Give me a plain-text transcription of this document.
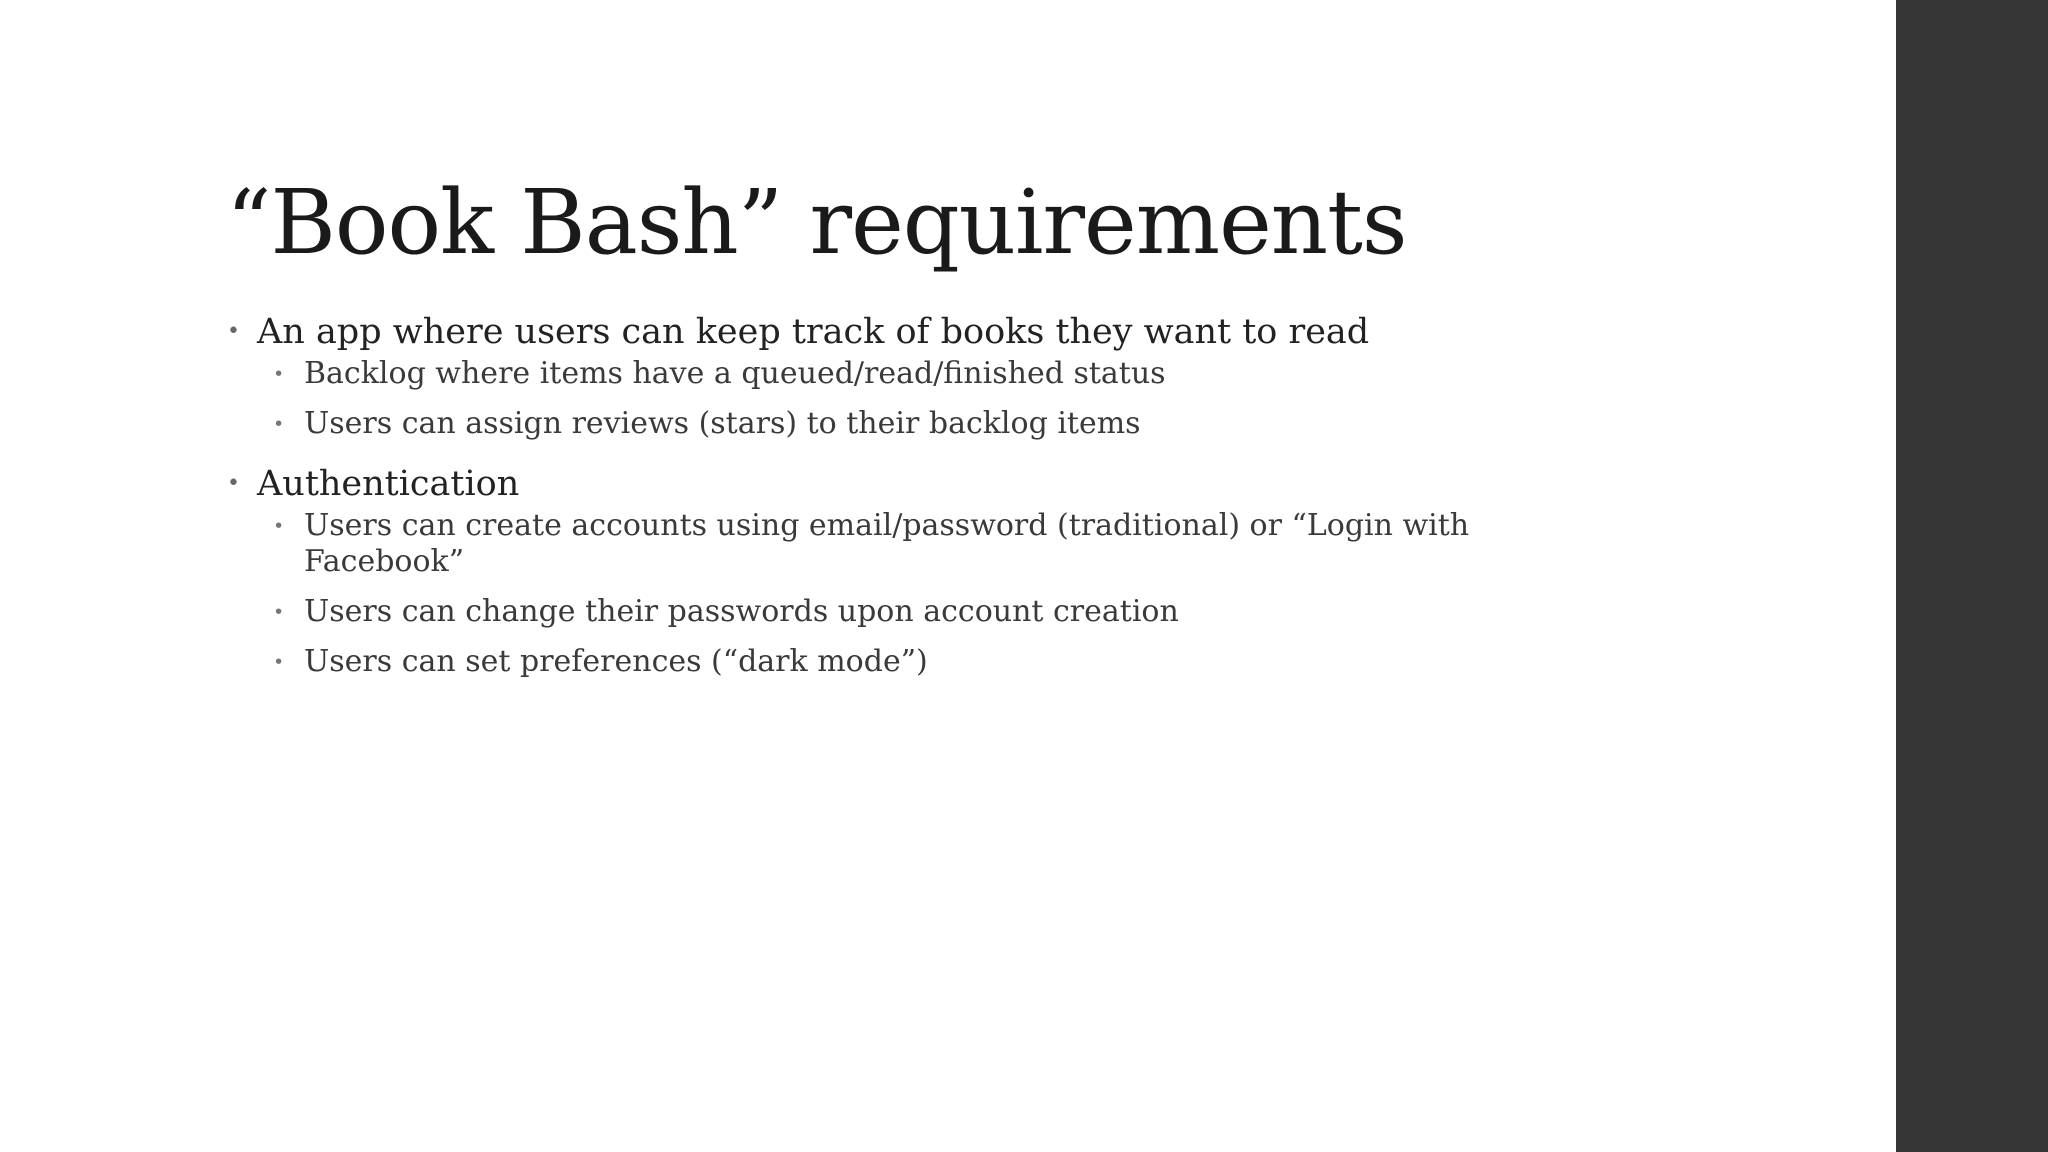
“Book Bash” requirements
• An app where users can keep track of books they want to read
• Backlog where items have a queued/read/finished status
• Users can assign reviews (stars) to their backlog items
• Authentication
• Users can create accounts using email/password (traditional) or “Login with Facebook”
• Users can change their passwords upon account creation
• Users can set preferences (“dark mode”)
